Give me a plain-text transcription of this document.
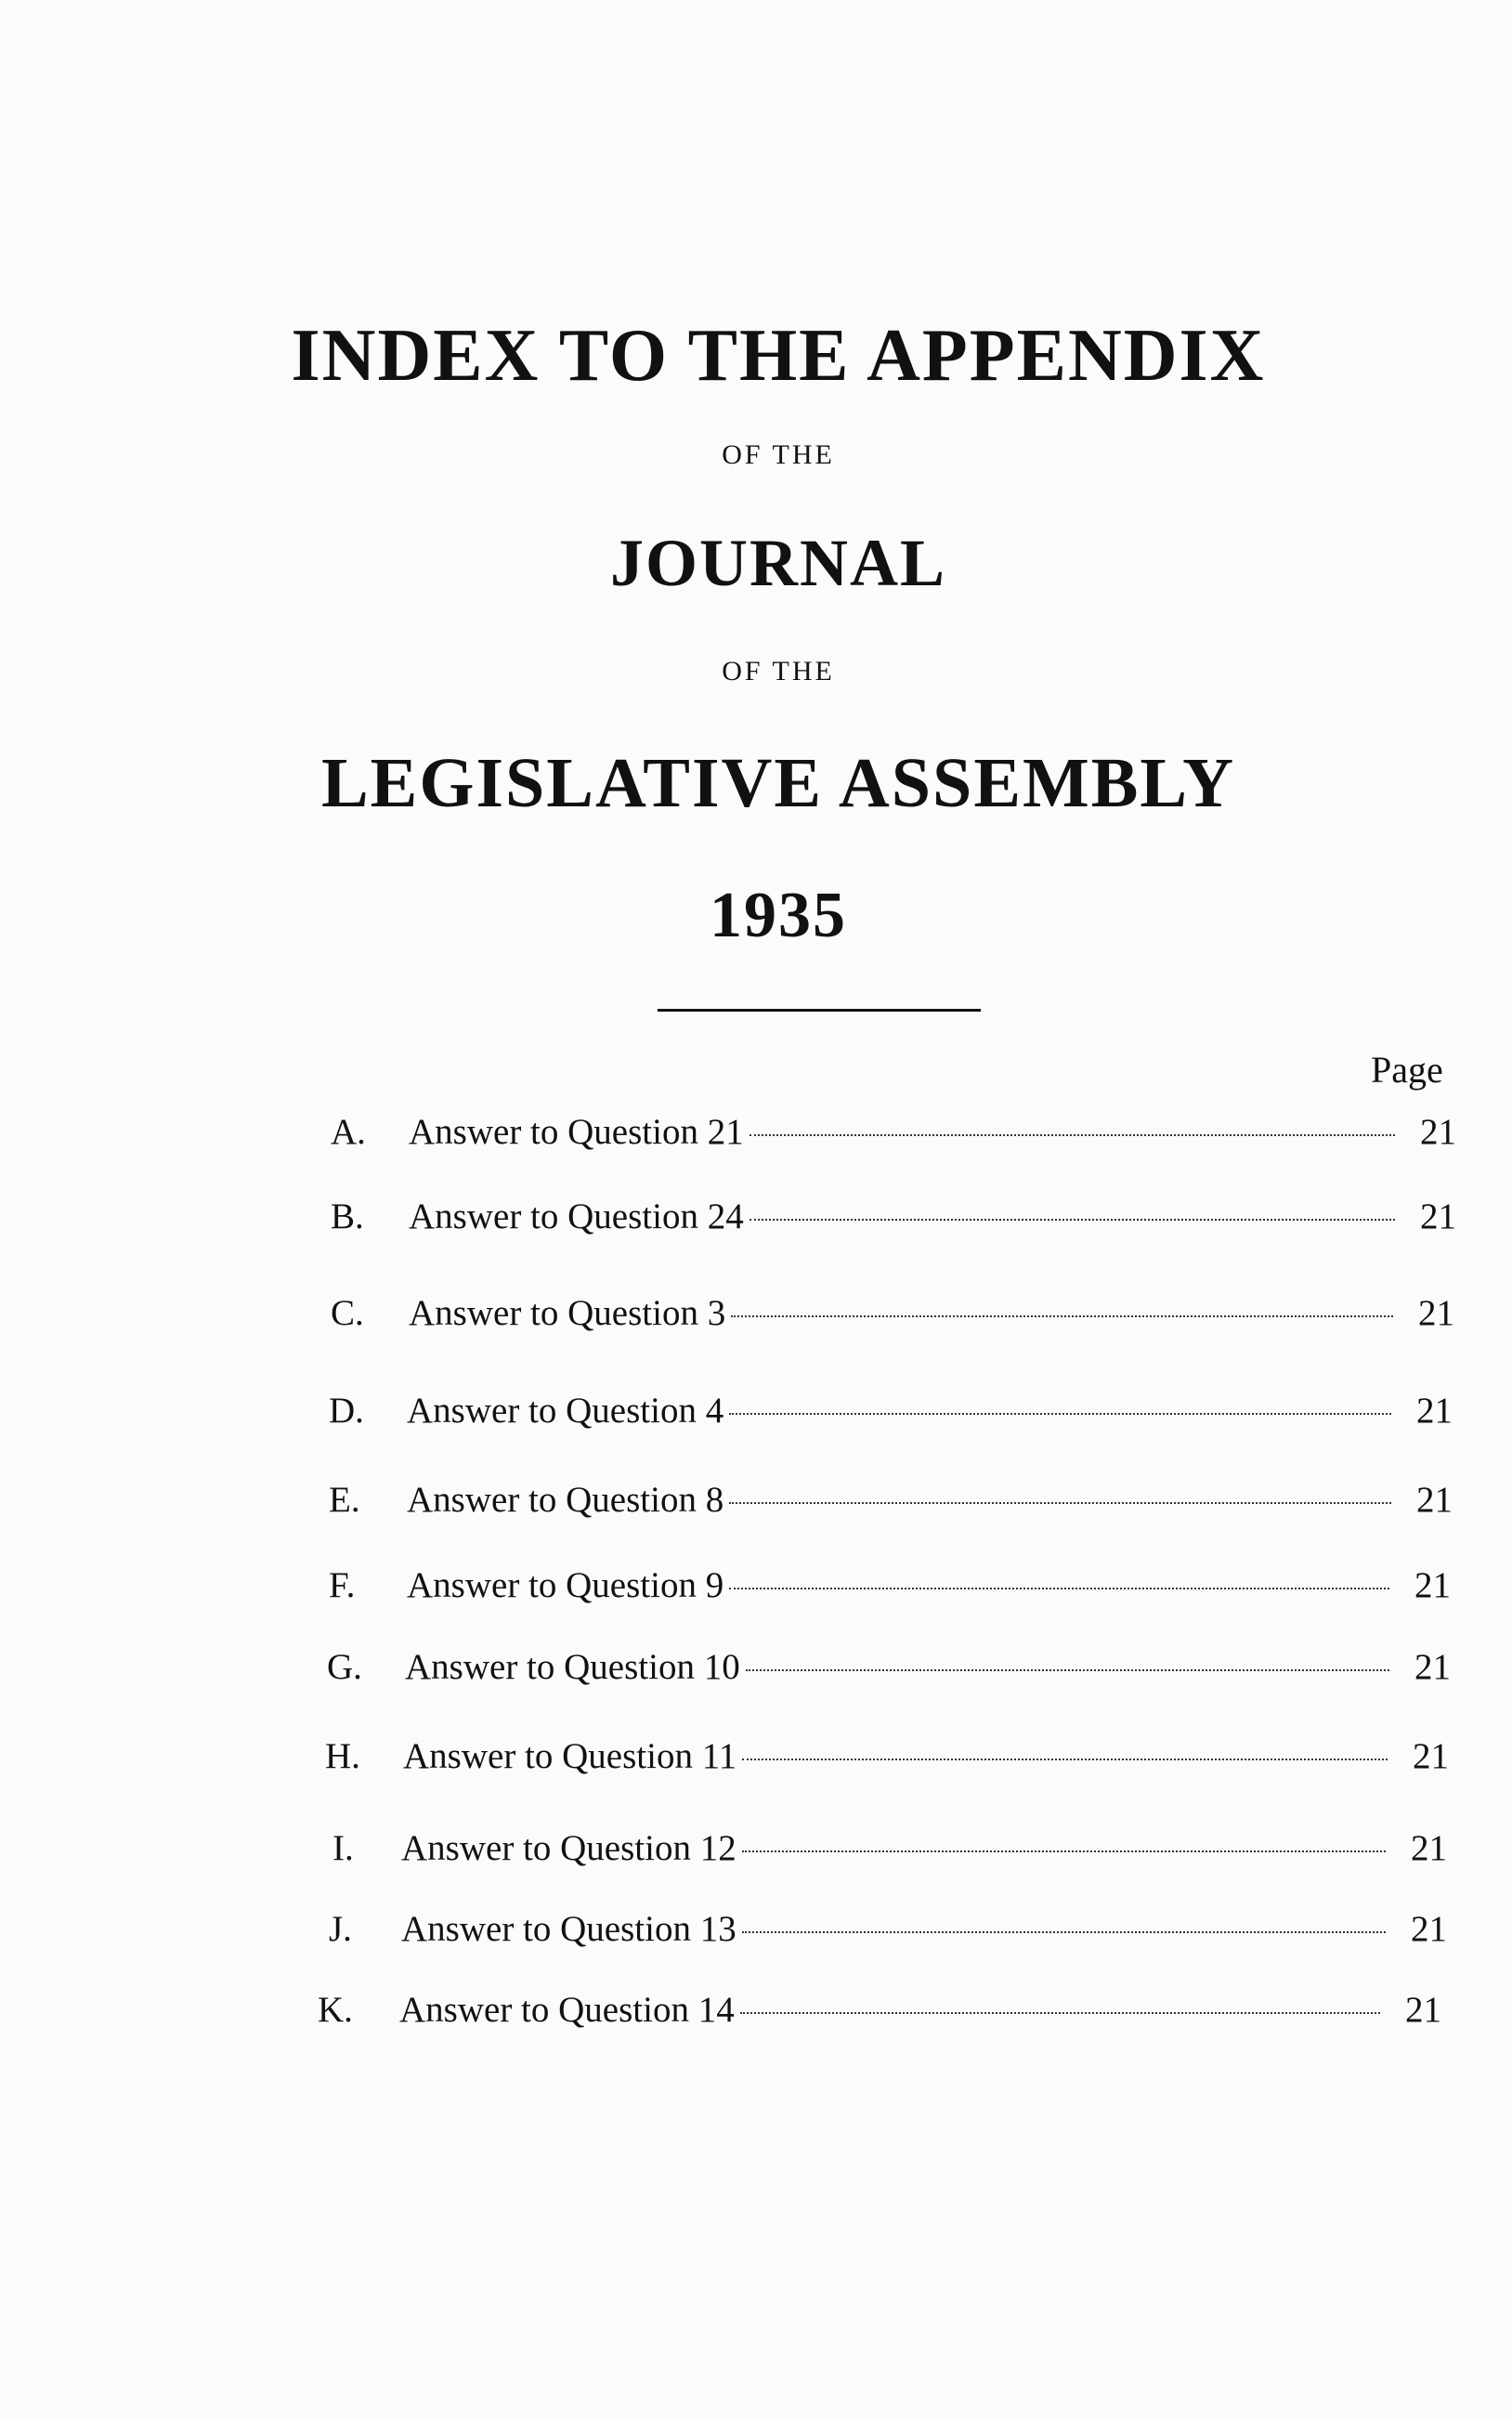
INDEX TO THE APPENDIX
OF THE
JOURNAL
OF THE
LEGISLATIVE ASSEMBLY
1935
Page
A.	Answer to Question 21	21
B.	Answer to Question 24	21
C.	Answer to Question 3	21
D.	Answer to Question 4	21
E.	Answer to Question 8	21
F.	Answer to Question 9	21
G.	Answer to Question 10	21
H.	Answer to Question 11	21
I.	Answer to Question 12	21
J.	Answer to Question 13	21
K.	Answer to Question 14	21
